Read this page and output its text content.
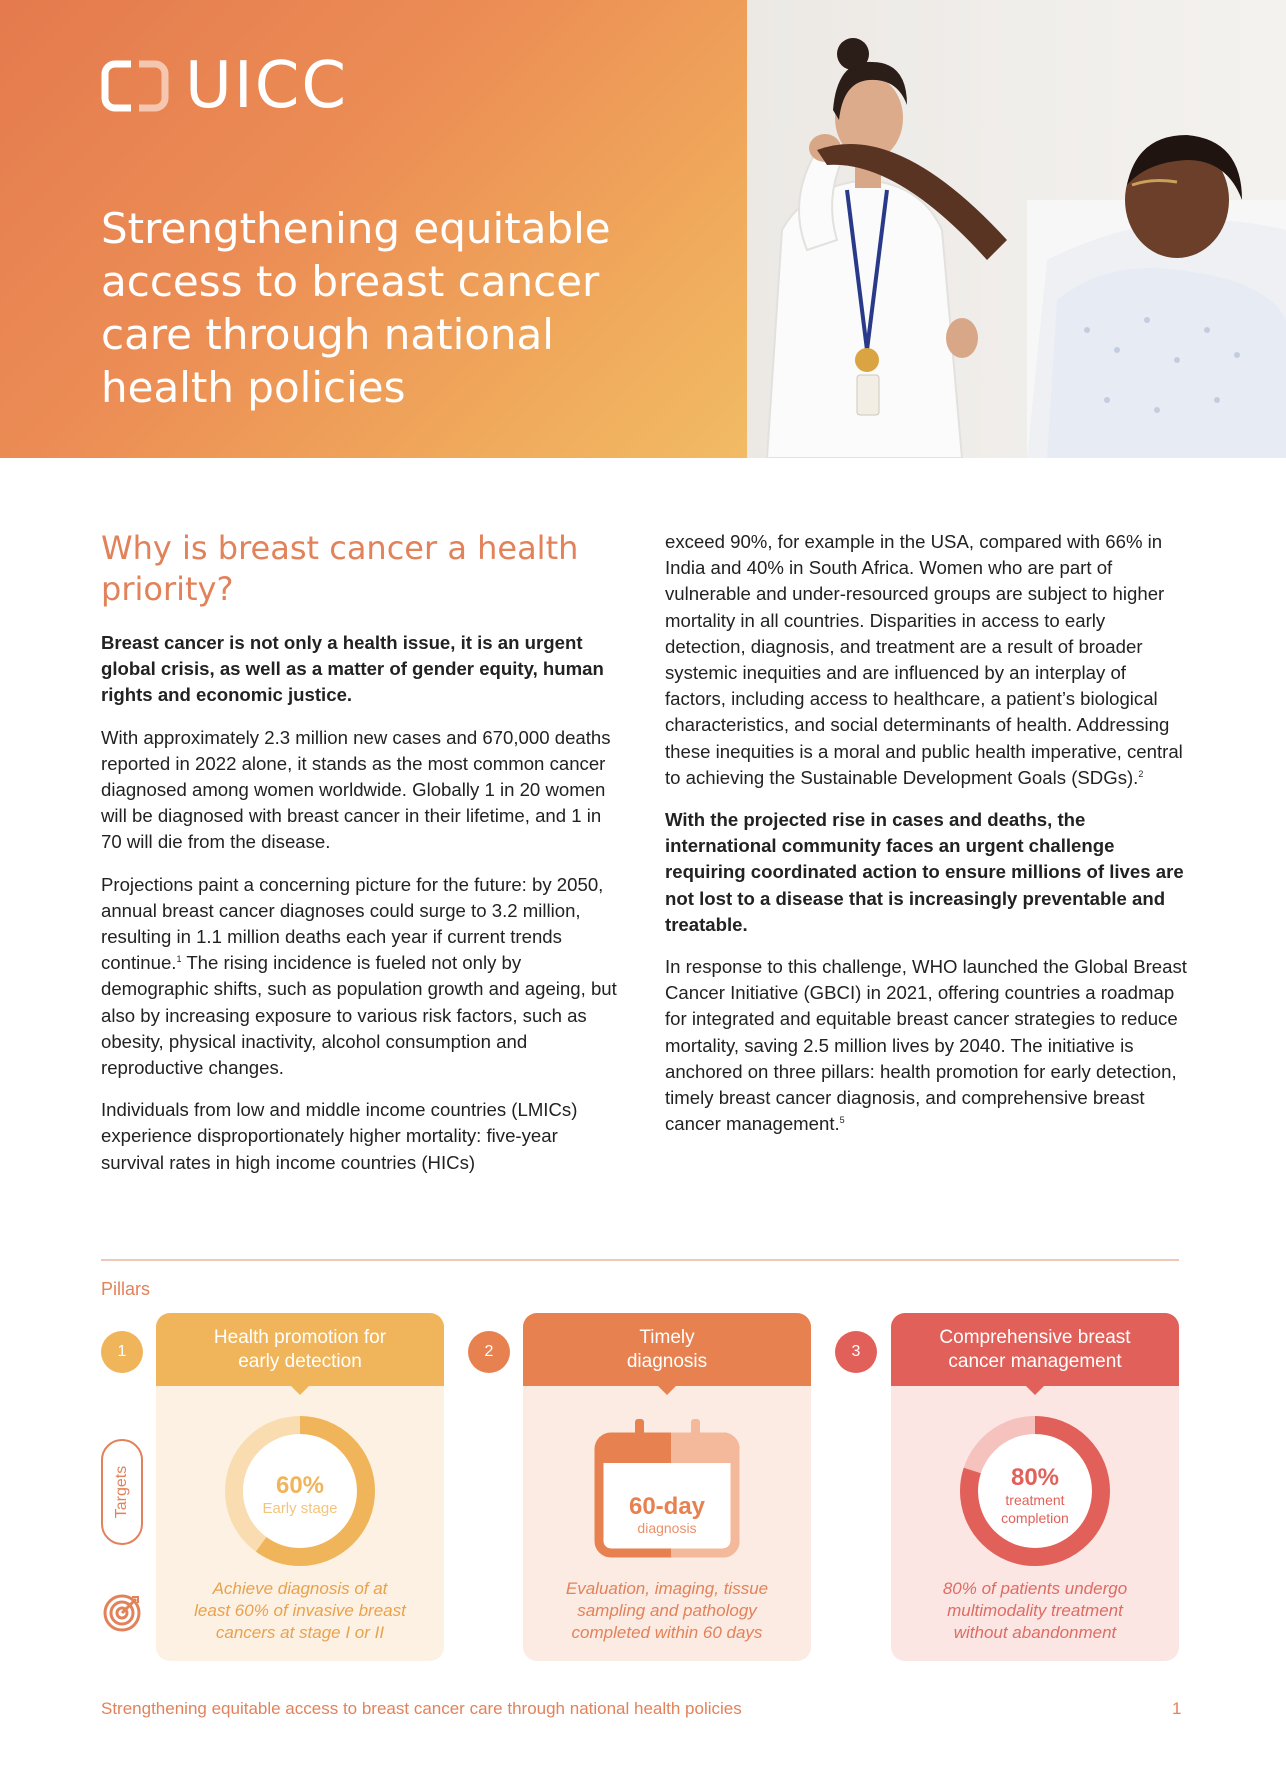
UICC
Strengthening equitable access to breast cancer care through national health policies
Why is breast cancer a health priority?

Breast cancer is not only a health issue, it is an urgent global crisis, as well as a matter of gender equity, human rights and economic justice.

With approximately 2.3 million new cases and 670,000 deaths reported in 2022 alone, it stands as the most common cancer diagnosed among women worldwide. Globally 1 in 20 women will be diagnosed with breast cancer in their lifetime, and 1 in 70 will die from the disease.

Projections paint a concerning picture for the future: by 2050, annual breast cancer diagnoses could surge to 3.2 million, resulting in 1.1 million deaths each year if current trends continue.$^1$ The rising incidence is fueled not only by demographic shifts, such as population growth and ageing, but also by increasing exposure to various risk factors, such as obesity, physical inactivity, alcohol consumption and reproductive changes.

Individuals from low and middle income countries (LMICs) experience disproportionately higher mortality: five-year survival rates in high income countries (HICs)

exceed 90%, for example in the USA, compared with 66% in India and 40% in South Africa. Women who are part of vulnerable and under-resourced groups are subject to higher mortality in all countries. Disparities in access to early detection, diagnosis, and treatment are a result of broader systemic inequities and are influenced by an interplay of factors, including access to healthcare, a patient’s biological characteristics, and social determinants of health. Addressing these inequities is a moral and public health imperative, central to achieving the Sustainable Development Goals (SDGs).$^2$

With the projected rise in cases and deaths, the international community faces an urgent challenge requiring coordinated action to ensure millions of lives are not lost to a disease that is increasingly preventable and treatable.

In response to this challenge, WHO launched the Global Breast Cancer Initiative (GBCI) in 2021, offering countries a roadmap for integrated and equitable breast cancer strategies to reduce mortality, saving 2.5 million lives by 2040. The initiative is anchored on three pillars: health promotion for early detection, timely breast cancer diagnosis, and comprehensive breast cancer management.$^5$

Pillars
1
Health promotion for
early detection
60%
Early stage
Achieve diagnosis of at
least 60% of invasive breast
cancers at stage I or II
2
Timely
diagnosis
60-day
diagnosis
Evaluation, imaging, tissue
sampling and pathology
completed within 60 days
3
Comprehensive breast
cancer management
80%
treatment
completion
80% of patients undergo
multimodality treatment
without abandonment
Targets
Strengthening equitable access to breast cancer care through national health policies	1
